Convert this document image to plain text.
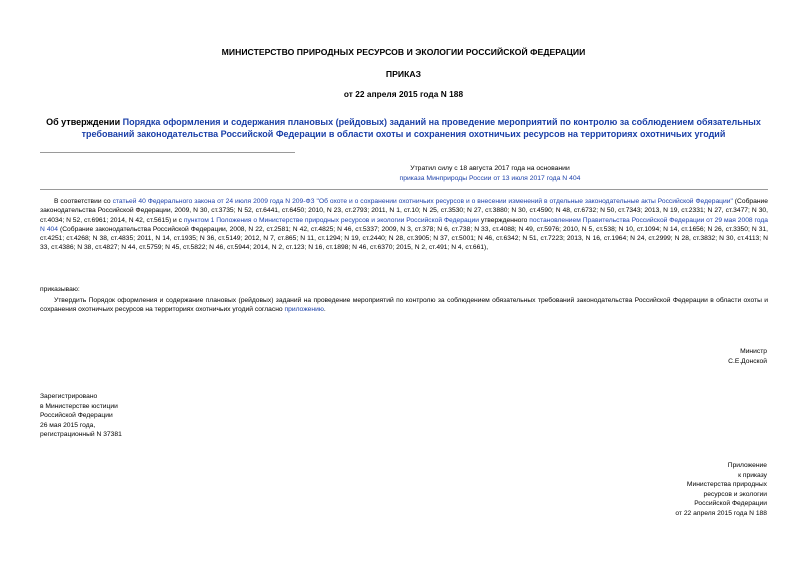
МИНИСТЕРСТВО ПРИРОДНЫХ РЕСУРСОВ И ЭКОЛОГИИ РОССИЙСКОЙ ФЕДЕРАЦИИ
ПРИКАЗ
от 22 апреля 2015 года N 188
Об утверждении Порядка оформления и содержания плановых (рейдовых) заданий на проведение мероприятий по контролю за соблюдением обязательных
требований законодательства Российской Федерации в области охоты и сохранения охотничьих ресурсов на территориях охотничьих угодий
Утратил силу с 18 августа 2017 года на основании
приказа Минприроды России от 13 июля 2017 года N 404
В соответствии со статьей 40 Федерального закона от 24 июля 2009 года N 209-ФЗ "Об охоте и о сохранении охотничьих ресурсов и о внесении изменений в отдельные законодательные акты Российской Федерации" (Собрание законодательства Российской Федерации, 2009, N 30, ст.3735; N 52, ст.6441, ст.6450; 2010, N 23, ст.2793; 2011, N 1, ст.10; N 25, ст.3530; N 27, ст.3880; N 30, ст.4590; N 48, ст.6732; N 50, ст.7343; 2013, N 19, ст.2331; N 27, ст.3477; N 30, ст.4034; N 52, ст.6961; 2014, N 42, ст.5615) и с пунктом 1 Положения о Министерстве природных ресурсов и экологии Российской Федерации утвержденного постановлением Правительства Российской Федерации от 29 мая 2008 года N 404 (Собрание законодательства Российской Федерации, 2008, N 22, ст.2581; N 42, ст.4825; N 46, ст.5337; 2009, N 3, ст.378; N 6, ст.738; N 33, ст.4088; N 49, ст.5976; 2010, N 5, ст.538; N 10, ст.1094; N 14, ст.1656; N 26, ст.3350; N 31, ст.4251; ст.4268; N 38, ст.4835; 2011, N 14, ст.1935; N 36, ст.5149; 2012, N 7, ст.865; N 11, ст.1294; N 19, ст.2440; N 28, ст.3905; N 37, ст.5001; N 46, ст.6342; N 51, ст.7223; 2013, N 16, ст.1964; N 24, ст.2999; N 28, ст.3832; N 30, ст.4113; N 33, ст.4386; N 38, ст.4827; N 44, ст.5759; N 45, ст.5822; N 46, ст.5944; 2014, N 2, ст.123; N 16, ст.1898; N 46, ст.6370; 2015, N 2, ст.491; N 4, ст.661),
приказываю:
Утвердить Порядок оформления и содержание плановых (рейдовых) заданий на проведение мероприятий по контролю за соблюдением обязательных требований законодательства Российской Федерации в области охоты и сохранения охотничьих ресурсов на территориях охотничьих угодий согласно приложению.
Министр
С.Е.Донской
Зарегистрировано
в Министерстве юстиции
Российской Федерации
26 мая 2015 года,
регистрационный N 37381
Приложение
к приказу
Министерства природных
ресурсов и экологии
Российской Федерации
от 22 апреля 2015 года N 188
